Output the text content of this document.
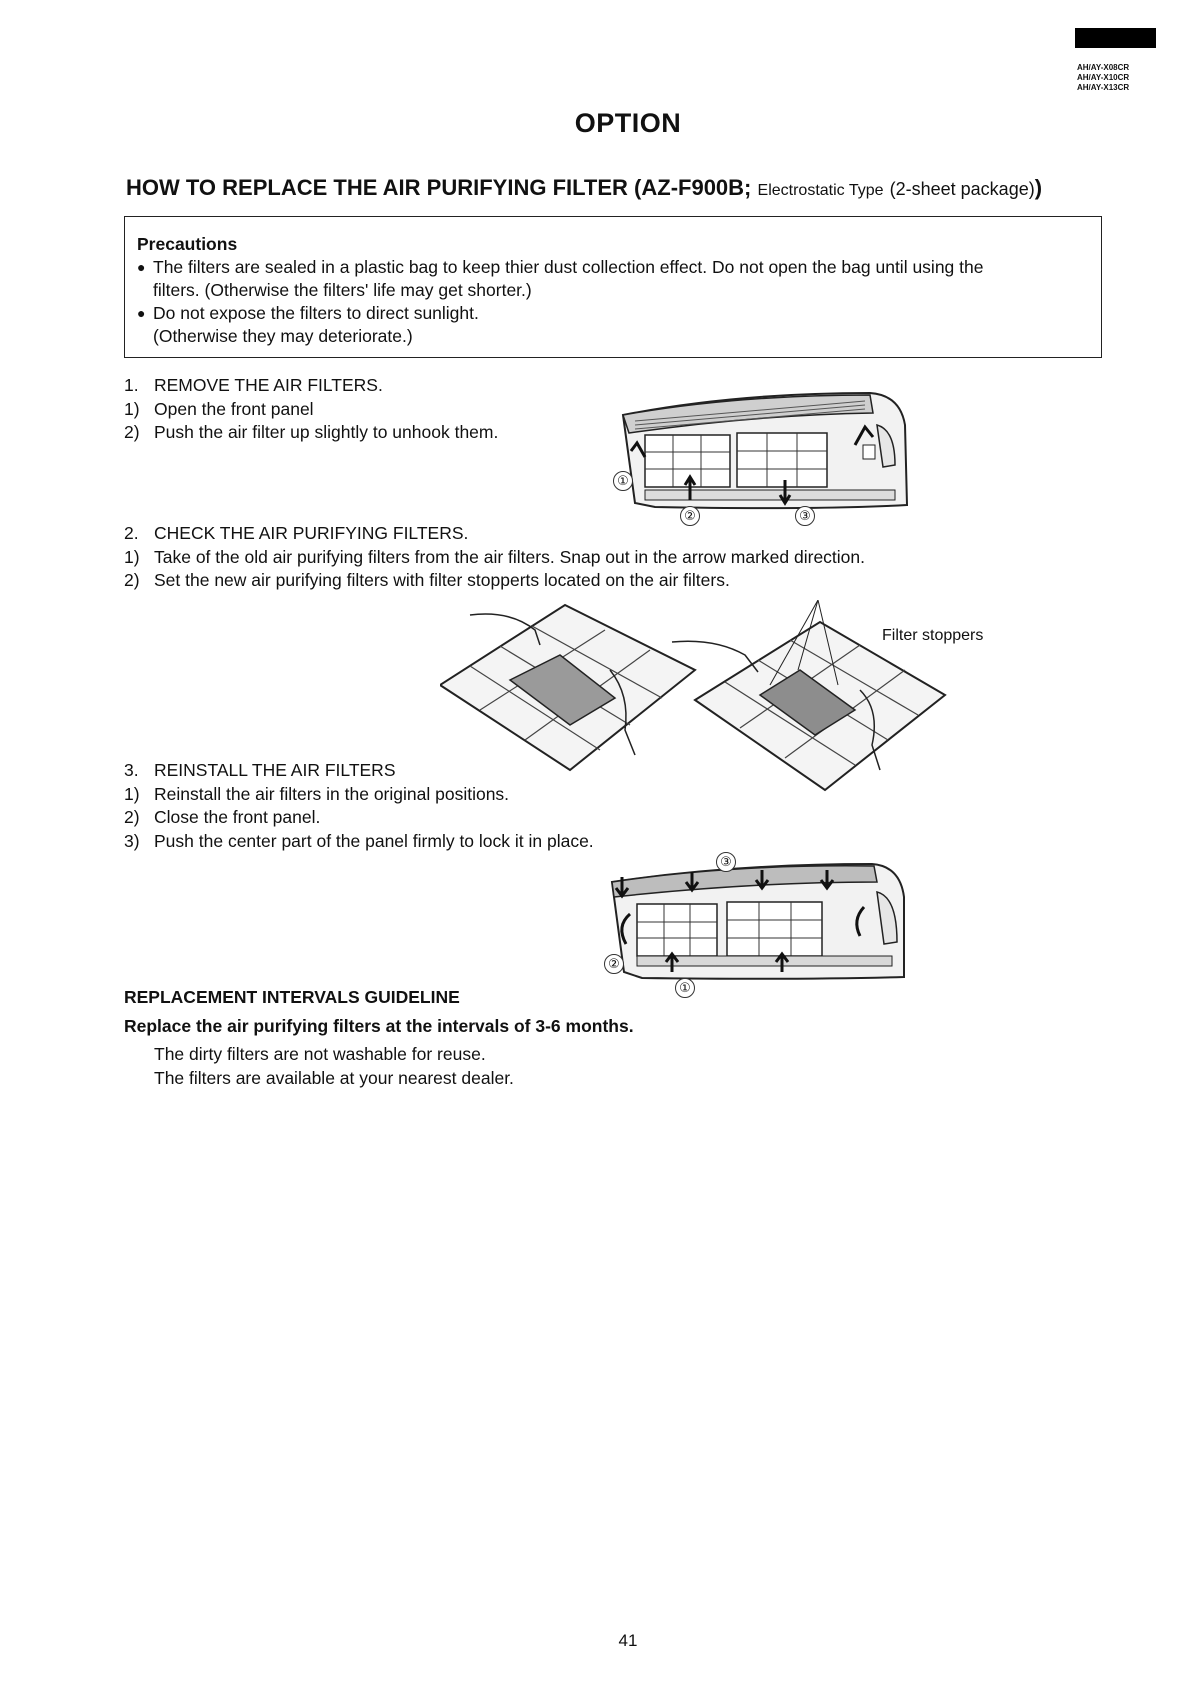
AH/AY-X08CR
AH/AY-X10CR
AH/AY-X13CR
OPTION
HOW TO REPLACE THE AIR PURIFYING FILTER (AZ-F900B; Electrostatic Type (2-sheet package))
Precautions
● The filters are sealed in a plastic bag to keep thier dust collection effect. Do not open the bag until using the
filters. (Otherwise the filters' life may get shorter.)
● Do not expose the filters to direct sunlight.
(Otherwise they may deteriorate.)
1. REMOVE THE AIR FILTERS.
1) Open the front panel
2) Push the air filter up slightly to unhook them.
①
②	③
2. CHECK THE AIR PURIFYING FILTERS.
1) Take of the old air purifying filters from the air filters. Snap out in the arrow marked direction.
2) Set the new air purifying filters with filter stopperts located on the air filters.
Filter stoppers
3. REINSTALL THE AIR FILTERS
1) Reinstall the air filters in the original positions.
2) Close the front panel.
3) Push the center part of the panel firmly to lock it in place.
③
②
①
REPLACEMENT INTERVALS GUIDELINE
Replace the air purifying filters at the intervals of 3-6 months.
The dirty filters are not washable for reuse.
The filters are available at your nearest dealer.
41
